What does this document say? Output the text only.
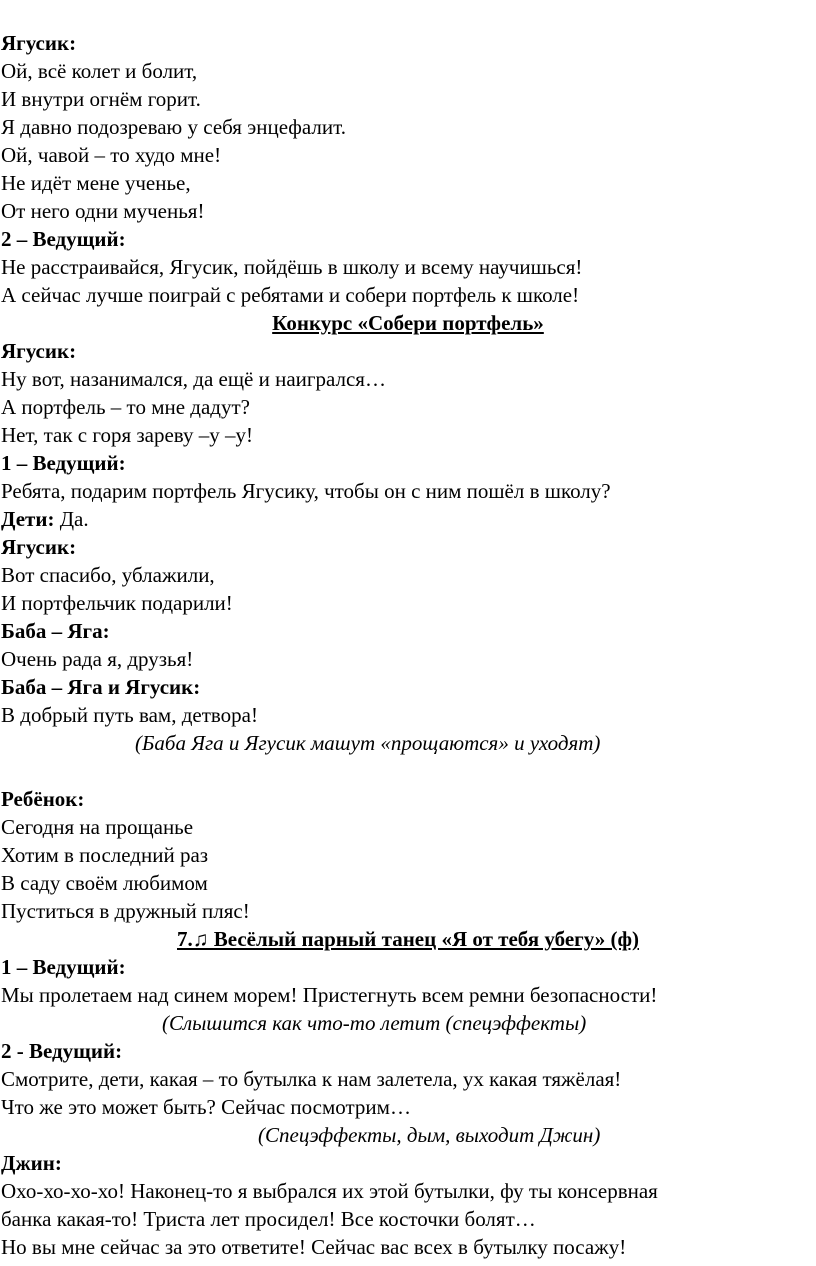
Ягусик:
Ой, всё колет и болит,
И внутри огнём горит.
Я давно подозреваю у себя энцефалит.
Ой, чавой – то худо мне!
Не идёт мене ученье,
От него одни мученья!
2 – Ведущий:
Не расстраивайся, Ягусик, пойдёшь в школу и всему научишься!
А сейчас лучше поиграй с ребятами и собери портфель к школе!
Конкурс «Собери портфель»
Ягусик:
Ну вот, назанимался, да ещё и наигрался…
А портфель – то мне дадут?
Нет, так с горя зареву –у –у!
1 – Ведущий:
Ребята, подарим портфель Ягусику, чтобы он с ним пошёл в школу?
Дети: Да.
Ягусик:
Вот спасибо, ублажили,
И портфельчик подарили!
Баба – Яга:
Очень рада я, друзья!
Баба – Яга и Ягусик:
В добрый путь вам, детвора!
(Баба Яга и Ягусик машут «прощаются» и уходят)
Ребёнок:
Сегодня на прощанье
Хотим в последний раз
В саду своём любимом
Пуститься в дружный пляс!
7.♫ Весёлый парный танец «Я от тебя убегу» (ф)
1 – Ведущий:
Мы пролетаем над синем морем! Пристегнуть всем ремни безопасности!
(Слышится как что-то летит (спецэффекты)
2 - Ведущий:
Смотрите, дети, какая – то бутылка к нам залетела, ух какая тяжёлая!
Что же это может быть? Сейчас посмотрим…
(Спецэффекты, дым, выходит Джин)
Джин:
Охо-хо-хо-хо! Наконец-то я выбрался их этой бутылки, фу ты консервная
банка какая-то! Триста лет просидел! Все косточки болят…
Но вы мне сейчас за это ответите! Сейчас вас всех в бутылку посажу!
